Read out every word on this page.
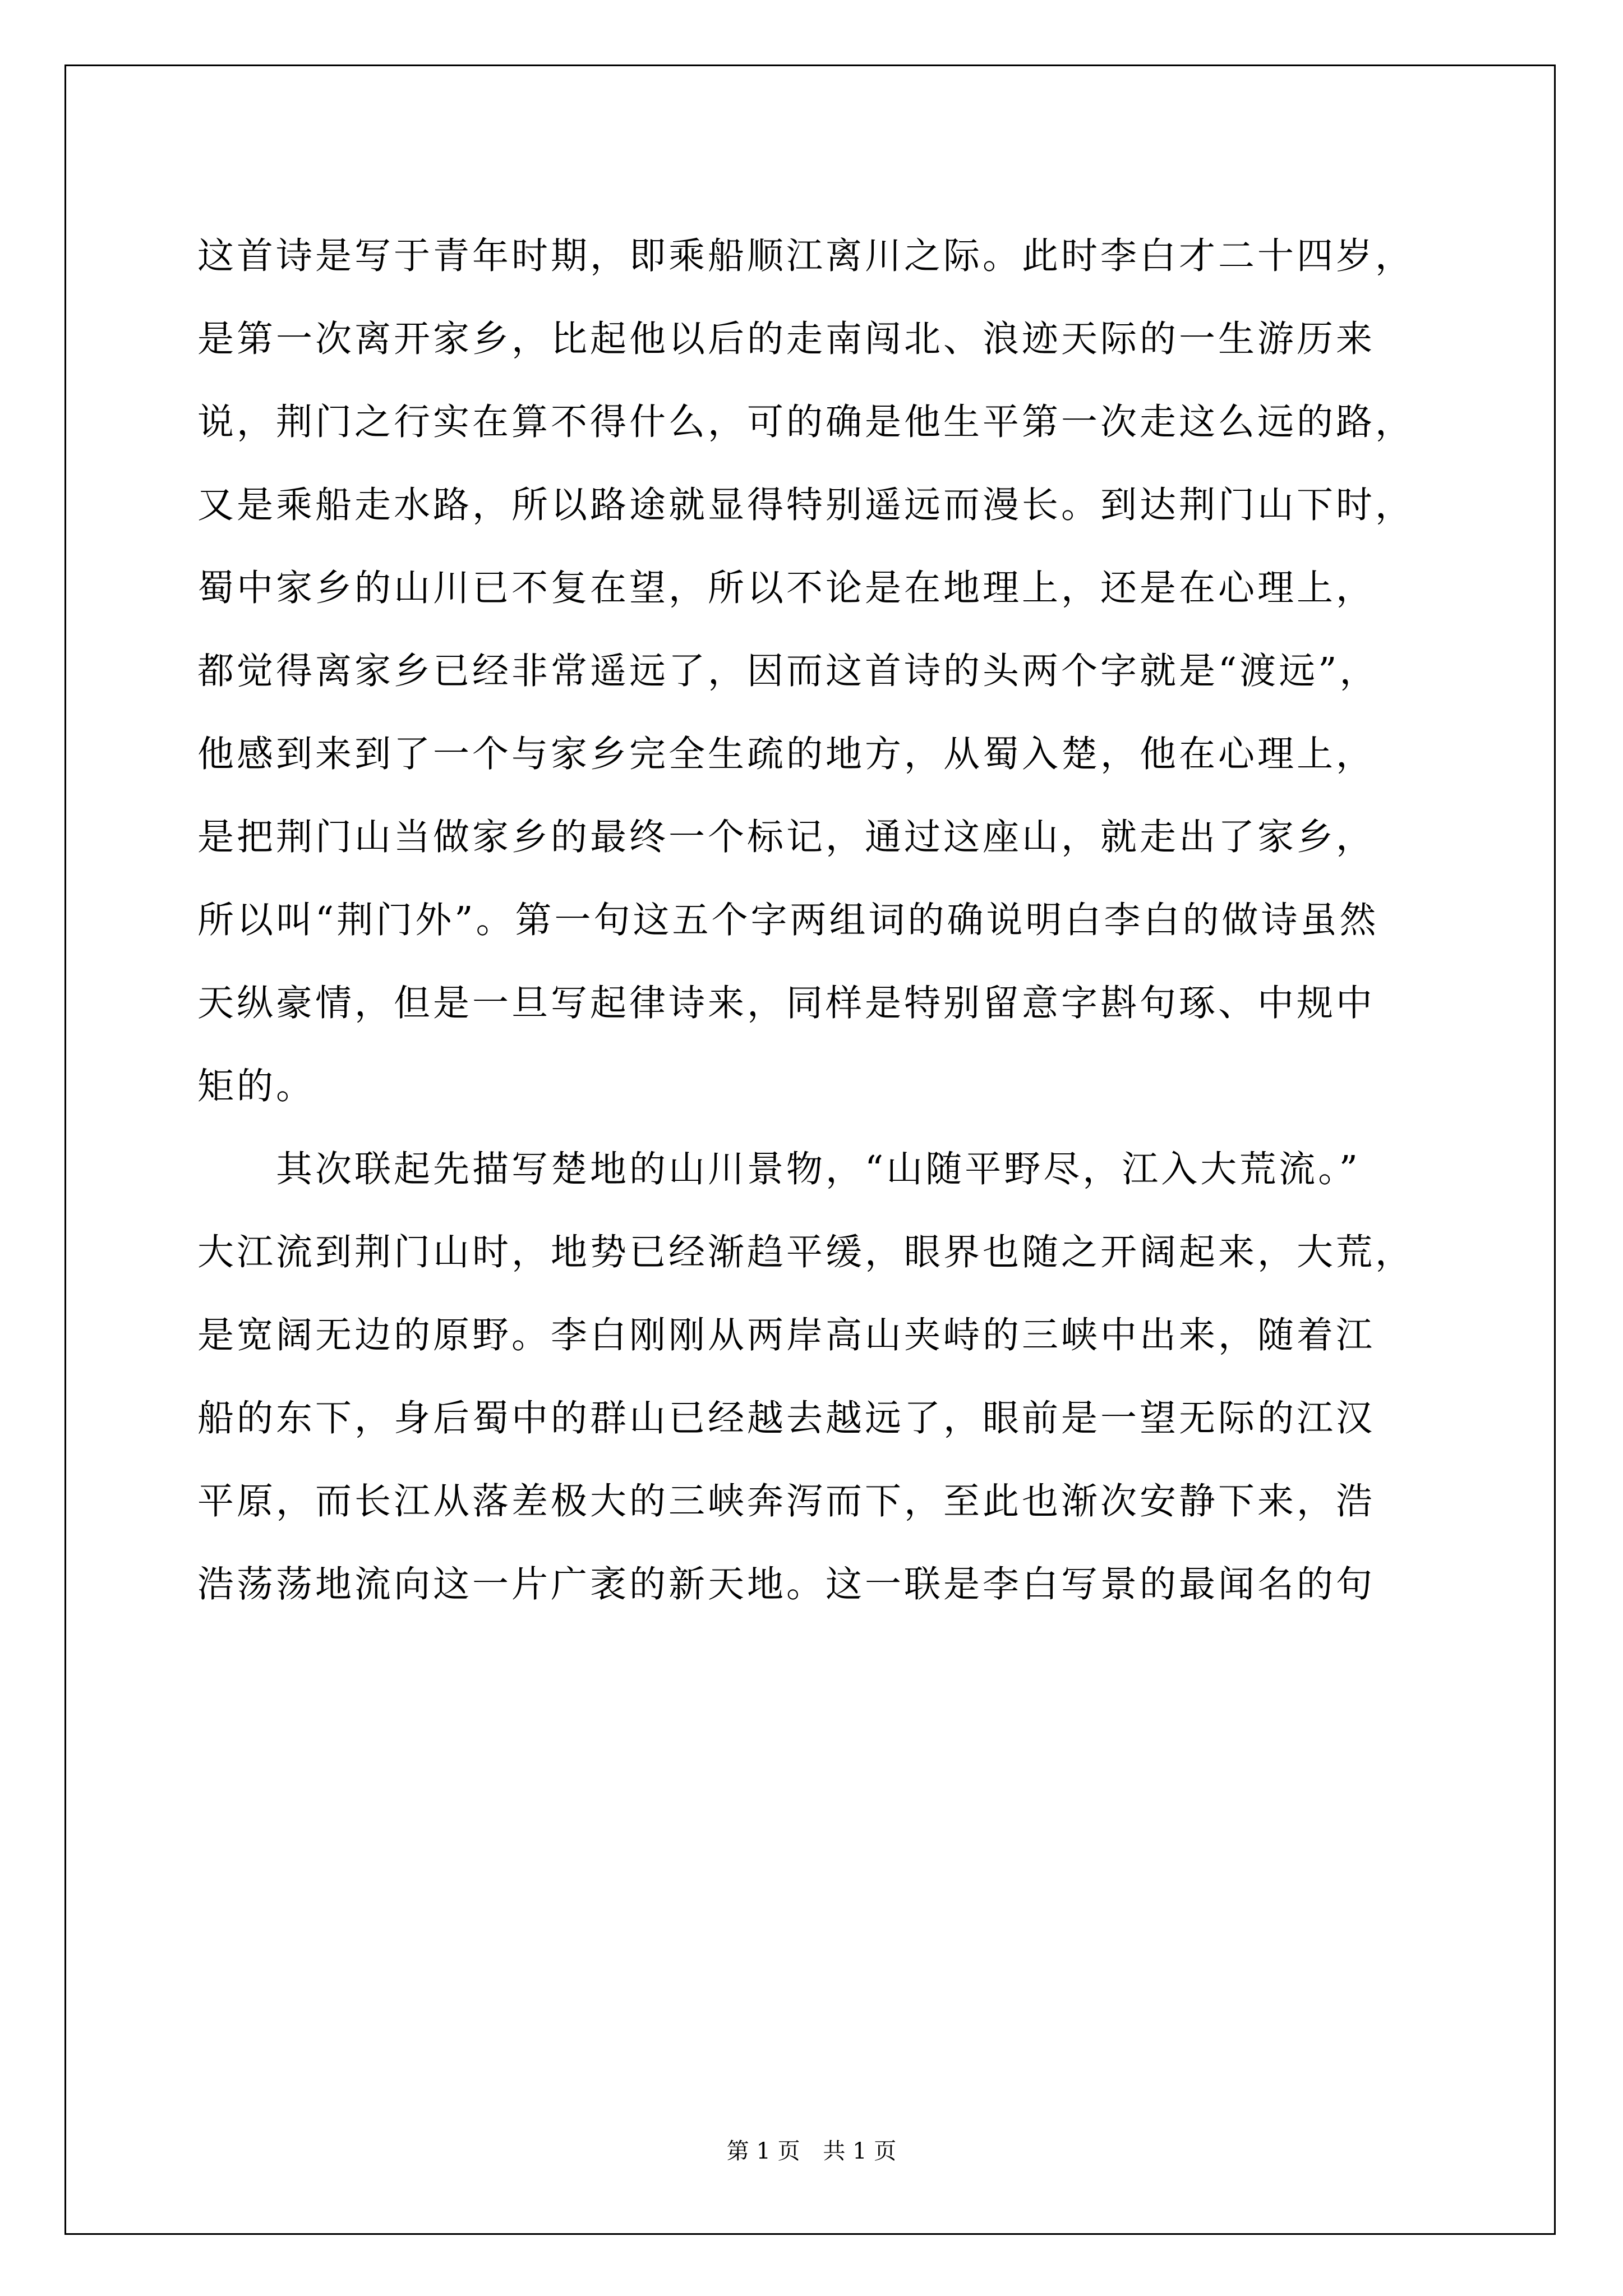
这首诗是写于青年时期，即乘船顺江离川之际。此时李白才二十四岁，
是第一次离开家乡，比起他以后的走南闯北、浪迹天际的一生游历来
说，荆门之行实在算不得什么，可的确是他生平第一次走这么远的路，
又是乘船走水路，所以路途就显得特别遥远而漫长。到达荆门山下时，
蜀中家乡的山川已不复在望，所以不论是在地理上，还是在心理上，
都觉得离家乡已经非常遥远了，因而这首诗的头两个字就是“渡远”，
他感到来到了一个与家乡完全生疏的地方，从蜀入楚，他在心理上，
是把荆门山当做家乡的最终一个标记，通过这座山，就走出了家乡，
所以叫“荆门外”。第一句这五个字两组词的确说明白李白的做诗虽然
天纵豪情，但是一旦写起律诗来，同样是特别留意字斟句琢、中规中
矩的。
其次联起先描写楚地的山川景物，“山随平野尽，江入大荒流。”
大江流到荆门山时，地势已经渐趋平缓，眼界也随之开阔起来，大荒，
是宽阔无边的原野。李白刚刚从两岸高山夹峙的三峡中出来，随着江
船的东下，身后蜀中的群山已经越去越远了，眼前是一望无际的江汉
平原，而长江从落差极大的三峡奔泻而下，至此也渐次安静下来，浩
浩荡荡地流向这一片广袤的新天地。这一联是李白写景的最闻名的句
第 1 页 共 1 页
